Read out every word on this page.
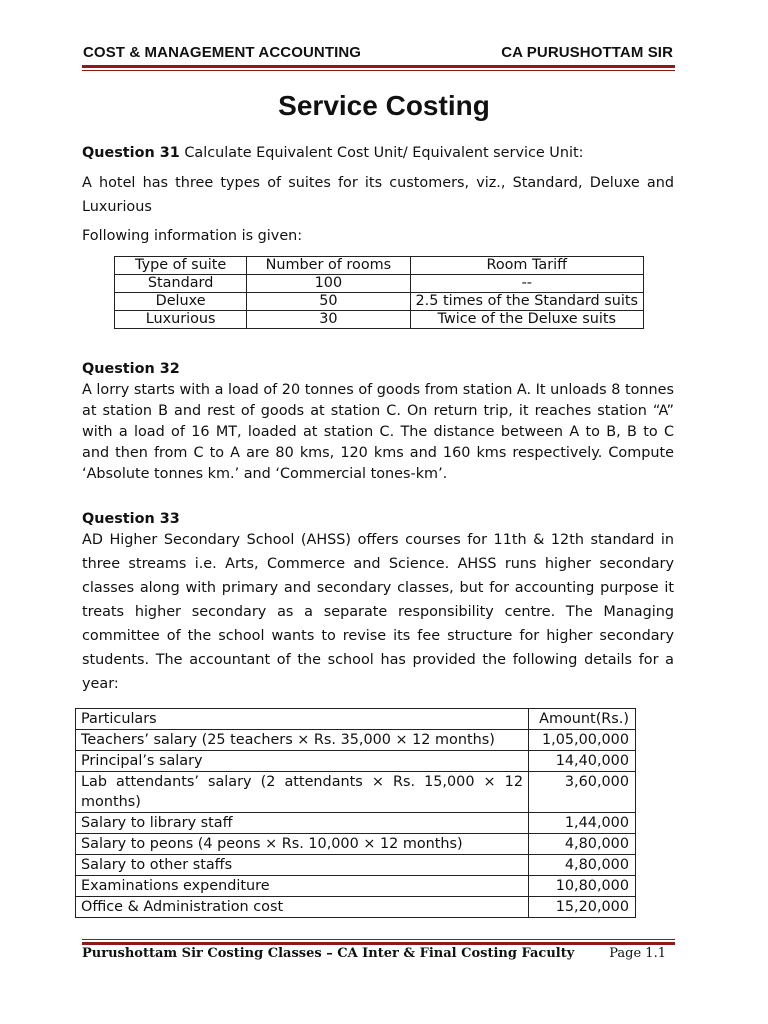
COST & MANAGEMENT ACCOUNTING	CA PURUSHOTTAM SIR
Service Costing
Question 31 Calculate Equivalent Cost Unit/ Equivalent service Unit:
A hotel has three types of suites for its customers, viz., Standard, Deluxe and Luxurious
Following information is given:
Type of suite	Number of rooms	Room Tariff
Standard	100	--
Deluxe	50	2.5 times of the Standard suits
Luxurious	30	Twice of the Deluxe suits
Question 32
A lorry starts with a load of 20 tonnes of goods from station A. It unloads 8 tonnes at station B and rest of goods at station C. On return trip, it reaches station “A” with a load of 16 MT, loaded at station C. The distance between A to B, B to C and then from C to A are 80 kms, 120 kms and 160 kms respectively. Compute ‘Absolute tonnes km.’ and ‘Commercial tones-km’.
Question 33
AD Higher Secondary School (AHSS) offers courses for 11th & 12th standard in three streams i.e. Arts, Commerce and Science. AHSS runs higher secondary classes along with primary and secondary classes, but for accounting purpose it treats higher secondary as a separate responsibility centre. The Managing committee of the school wants to revise its fee structure for higher secondary students. The accountant of the school has provided the following details for a year:
Particulars	Amount(Rs.)
Teachers’ salary (25 teachers × Rs. 35,000 × 12 months)	1,05,00,000
Principal’s salary	14,40,000
Lab attendants’ salary (2 attendants × Rs. 15,000 × 12 months)	3,60,000
Salary to library staff	1,44,000
Salary to peons (4 peons × Rs. 10,000 × 12 months)	4,80,000
Salary to other staffs	4,80,000
Examinations expenditure	10,80,000
Office & Administration cost	15,20,000
Purushottam Sir Costing Classes – CA Inter & Final Costing Faculty	Page 1.1
